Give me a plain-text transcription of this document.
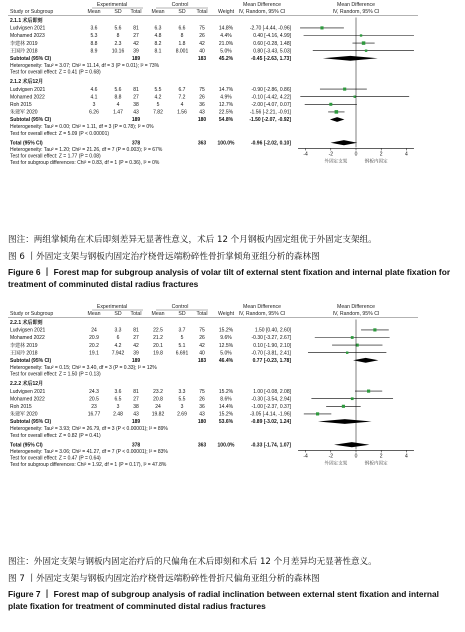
Experimental	Control	Mean Difference	Mean Difference
Study or Subgroup	Mean	SD Total Mean	SD Total Weight IV, Random, 95% CI	IV, Random, 95% CI
2.1.1 术后即刻
Ludvigsen 2021	3.6	5.6 81	6.3	6.6	75	14.8%	-2.70 [-4.44, -0.96]
Mohamed 2023	5.3	8	27	4.8	8	26	4.4%	0.40 [-4.16, 4.99]
李建林 2019	8.8	2.3 42	8.2	1.8	42	21.0%	0.60 [-0.28, 1.48]
王国玲 2018	8.9	10.16 39	8.1	8.001 40	5.0%	0.80 [-3.43, 5.03]
Subtotal (95% CI)	189	183	45.2%	-0.45 [-2.63, 1.73]
Heterogeneity: Tau² = 3.07; Chi² = 11.14, df = 3 (P = 0.01); I² = 73%
Test for overall effect: Z = 0.41 (P = 0.68)
2.1.2 术后12月
Ludvigsen 2021	4.6	5.6 81	5.5	6.7	75	14.7%	-0.90 [-2.86, 0.86]
Mohamed 2022	4.1	8.8 27	4.2	7.2	26	4.9%	-0.10 [-4.42, 4.22]
Roh 2015	3	4	38	5	4	36	12.7%	-2.00 [-4.07, 0.07]
朱建军 2020	6.26	1.47 43	7.82	1.56 43	22.5%	-1.56 [-2.21, -0.91]
Subtotal (95% CI)	189	180	54.8%	-1.50 [-2.07, -0.92]
Heterogeneity: Tau² = 0.00; Chi² = 1.11, df = 3 (P = 0.78); I² = 0%
Test for overall effect: Z = 5.09 (P < 0.00001)
Total (95% CI)	378	363 100.0%	-0.96 [-2.02, 0.10]
-4	-2	0	2	4
外固定支架	钢板内固定
Heterogeneity: Tau² = 1.20; Chi² = 21.26, df = 7 (P = 0.003); I² = 67%
Test for overall effect: Z = 1.77 (P = 0.08)
Test for subgroup differences: Chi² = 0.83, df = 1 (P = 0.36), I² = 0%
图注：两组掌倾角在术后即刻差异无显著性意义，术后 12 个月钢板内固定组优于外固定支架组。
图 6 丨外固定支架与钢板内固定治疗桡骨远端粉碎性骨折掌倾角亚组分析的森林图
Figure 6 丨 Forest map for subgroup analysis of volar tilt of external stent fixation and internal plate fixation for treatment of comminuted distal radius fractures
Experimental	Control	Mean Difference	Mean Difference
Study or Subgroup	Mean	SD Total Mean	SD Total Weight IV, Random, 95% CI	IV, Random, 95% CI
2.2.1 术后即刻
Ludvigsen 2021	24	3.3 81	22.5	3.7	75	15.2%	1.50 [0.40, 2.60]
Mohamed 2022	20.9	6	27	21.2	5	26	9.6%	-0.30 [-3.27, 2.67]
李建林 2019	20.2	4.2 42	20.1	5.1	42	12.5%	0.10 [-1.90, 2.10]
王国玲 2018	19.1	7.942 39	19.8	6.691 40	5.0%	-0.70 [-3.81, 2.41]
Subtotal (95% CI)	189	183	46.4%	0.77 [-0.23, 1.78]
Heterogeneity: Tau² = 0.15; Chi² = 3.40, df = 3 (P = 0.33); I² = 12%
Test for overall effect: Z = 1.50 (P = 0.13)
2.2.2 术后12月
Ludvigsen 2021	24.3	3.6 81	23.2	3.3	75	15.2%	1.00 [-0.08, 2.08]
Mohamed 2022	20.5	6.5 27	20.8	5.5	26	8.6%	-0.30 [-3.54, 2.94]
Roh 2015	23	3	38	24	3	36	14.4%	-1.00 [-2.37, 0.37]
朱建军 2020	16.77	2.48 43	19.82	2.69 43	15.2%	-3.05 [-4.14, -1.96]
Subtotal (95% CI)	189	180	53.6%	-0.89 [-3.02, 1.24]
Heterogeneity: Tau² = 3.93; Chi² = 26.79, df = 3 (P < 0.00001); I² = 89%
Test for overall effect: Z = 0.82 (P = 0.41)
Total (95% CI)	378	363 100.0%	-0.33 [-1.74, 1.07]
-4	-2	0	2	4
外固定支架	钢板内固定
Heterogeneity: Tau² = 3.06; Chi² = 41.27, df = 7 (P < 0.00001); I² = 83%
Test for overall effect: Z = 0.47 (P = 0.64)
Test for subgroup differences: Chi² = 1.92, df = 1 (P = 0.17), I² = 47.8%
图注：外固定支架与钢板内固定治疗后的尺偏角在术后即刻和术后 12 个月差异均无显著性意义。
图 7 丨外固定支架与钢板内固定治疗桡骨远端粉碎性骨折尺偏角亚组分析的森林图
Figure 7 丨 Forest map of subgroup analysis of radial inclination between external stent fixation and internal plate fixation for treatment of comminuted distal radius fractures
